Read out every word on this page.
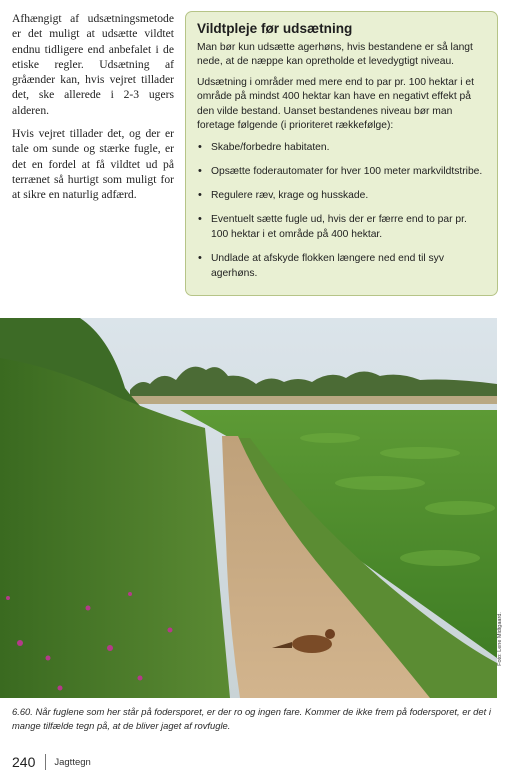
Afhængigt af udsætningsmetode er det muligt at udsætte vildtet endnu tidligere end anbefalet i de etiske regler. Udsætning af gråænder kan, hvis vejret tillader det, ske allerede i 2-3 ugers alderen.

Hvis vejret tillader det, og der er tale om sunde og stærke fugle, er det en fordel at få vildtet ud på terrænet så hurtigt som muligt for at sikre en naturlig adfærd.

Vildtpleje før udsætning

Man bør kun udsætte agerhøns, hvis bestandene er så langt nede, at de næppe kan opretholde et levedygtigt niveau.

Udsætning i områder med mere end to par pr. 100 hektar i et område på mindst 400 hektar kan have en negativt effekt på den vilde bestand. Uanset bestandenes niveau bør man foretage følgende (i prioriteret rækkefølge):

• Skabe/forbedre habitaten.
• Opsætte foderautomater for hver 100 meter markvildtstribe.
• Regulere ræv, krage og husskade.
• Eventuelt sætte fugle ud, hvis der er færre end to par pr. 100 hektar i et område på 400 hektar.
• Undlade at afskyde flokken længere ned end til syv agerhøns.
Foto: Lene Midtgaard.
6.60. Når fuglene som her står på fodersporet, er der ro og ingen fare. Kommer de ikke frem på fodersporet, er det i mange tilfælde tegn på, at de bliver jaget af rovfugle.
240 Jagttegn
